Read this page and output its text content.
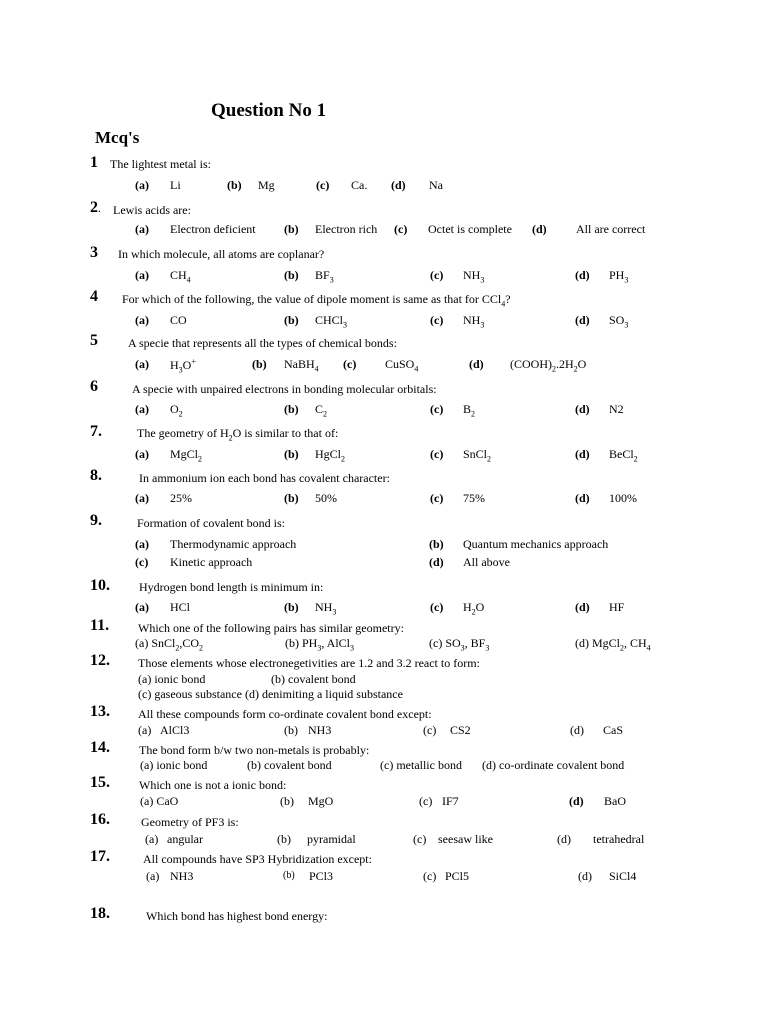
Question No 1
Mcq's
1 The lightest metal is:
(a) Li	(b) Mg	(c) Ca. (d) Na
2. Lewis acids are:
(a) Electron deficient (b) Electron rich (c) Octet is complete (d) All are correct
3 In which molecule, all atoms are coplanar?
(a) $CH_4$	(b) $BF_3$	(c) $NH_3$	(d) $PH_3$
4 For which of the following, the value of dipole moment is same as that for CCl$_4$?
(a) CO	(b) CHCl$_3$	(c) $NH_3$	(d) $SO_3$
5	A specie that represents all the types of chemical bonds:
(a) $H_3O^+$	(b) NaBH$_4$ (c) CuSO$_4$	(d) $(COOH)_2.2H_2O$
6	A specie with unpaired electrons in bonding molecular orbitals:
(a) $O_2$	(b) $C_2$	(c) $B_2$	(d) N2
7.	The geometry of $H_2O$ is similar to that of:
(a) MgCl$_2$	(b) HgCl$_2$	(c) SnCl$_2$	(d) BeCl$_2$
8.	In ammonium ion each bond has covalent character:
(a) 25%	(b) 50%	(c) 75%	(d) 100%
9.	Formation of covalent bond is:
(a) Thermodynamic approach	(b) Quantum mechanics approach
(c) Kinetic approach	(d) All above
10. Hydrogen bond length is minimum in:
(a) HCl	(b) $NH_3$	(c) $H_2O$	(d) HF
11. Which one of the following pairs has similar geometry:
(a) $SnCl_2,CO_2$	(b) $PH_3$, AlCl$_3$	(c) $SO_3$, $BF_3$	(d) MgCl$_2$, $CH_4$
12. Those elements whose electronegetivities are 1.2 and 3.2 react to form:
(a) ionic bond	(b) covalent bond
(c) gaseous substance (d) denimiting a liquid substance
13. All these compounds form co-ordinate covalent bond except:
(a) AlCl3	(b) NH3	(c) CS2	(d) CaS
14. The bond form b/w two non-metals is probably:
(a) ionic bond	(b) covalent bond	(c) metallic bond (d) co-ordinate covalent bond
15. Which one is not a ionic bond:
(a) CaO	(b) MgO	(c) IF7	(d) BaO
16.	Geometry of PF3 is:
(a) angular	(b) pyramidal	(c) seesaw like	(d) tetrahedral
17.	All compounds have SP3 Hybridization except:
(a) NH3	(b) PCl3	(c) PCl5	(d) SiCl4
18.	Which bond has highest bond energy:
